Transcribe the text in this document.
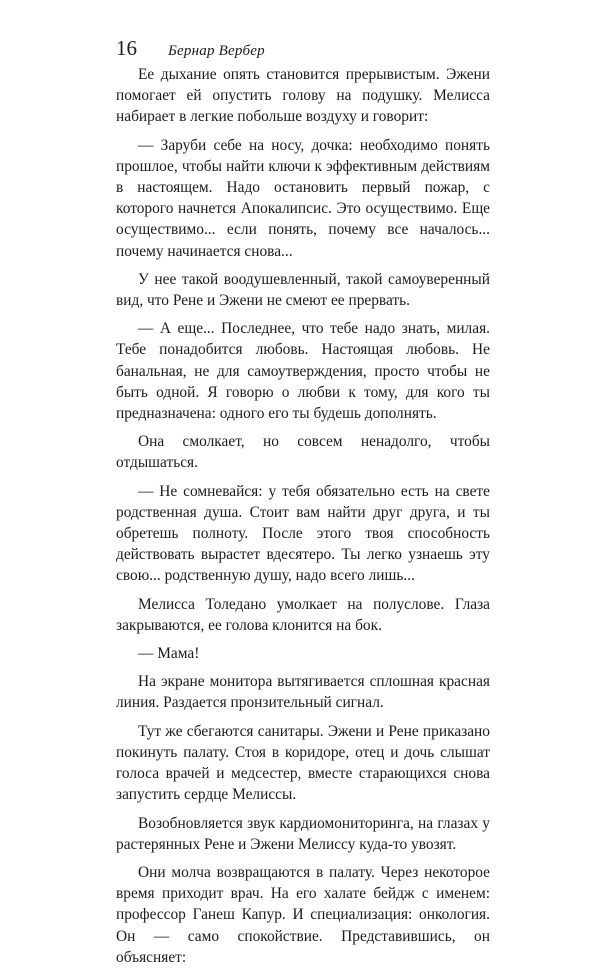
16	Бернар Вербер

Ее дыхание опять становится прерывистым. Эжени помогает ей опустить голову на подушку. Мелисса набирает в легкие побольше воздуху и говорит:

— Заруби себе на носу, дочка: необходимо понять прошлое, чтобы найти ключи к эффективным действиям в настоящем. Надо остановить первый пожар, с которого начнется Апокалипсис. Это осуществимо. Еще осуществимо... если понять, почему все началось... почему начинается снова...

У нее такой воодушевленный, такой самоуверенный вид, что Рене и Эжени не смеют ее прервать.

— А еще... Последнее, что тебе надо знать, милая. Тебе понадобится любовь. Настоящая любовь. Не банальная, не для самоутверждения, просто чтобы не быть одной. Я говорю о любви к тому, для кого ты предназначена: одного его ты будешь дополнять.

Она смолкает, но совсем ненадолго, чтобы отдышаться.

— Не сомневайся: у тебя обязательно есть на свете родственная душа. Стоит вам найти друг друга, и ты обретешь полноту. После этого твоя способность действовать вырастет вдесятеро. Ты легко узнаешь эту свою... родственную душу, надо всего лишь...

Мелисса Толедано умолкает на полуслове. Глаза закрываются, ее голова клонится на бок.

— Мама!

На экране монитора вытягивается сплошная красная линия. Раздается пронзительный сигнал.

Тут же сбегаются санитары. Эжени и Рене приказано покинуть палату. Стоя в коридоре, отец и дочь слышат голоса врачей и медсестер, вместе старающихся снова запустить сердце Мелиссы.

Возобновляется звук кардиомониторинга, на глазах у растерянных Рене и Эжени Мелиссу куда-то увозят.

Они молча возвращаются в палату. Через некоторое время приходит врач. На его халате бейдж с именем: профессор Ганеш Капур. И специализация: онкология. Он — само спокойствие. Представившись, он объясняет:
